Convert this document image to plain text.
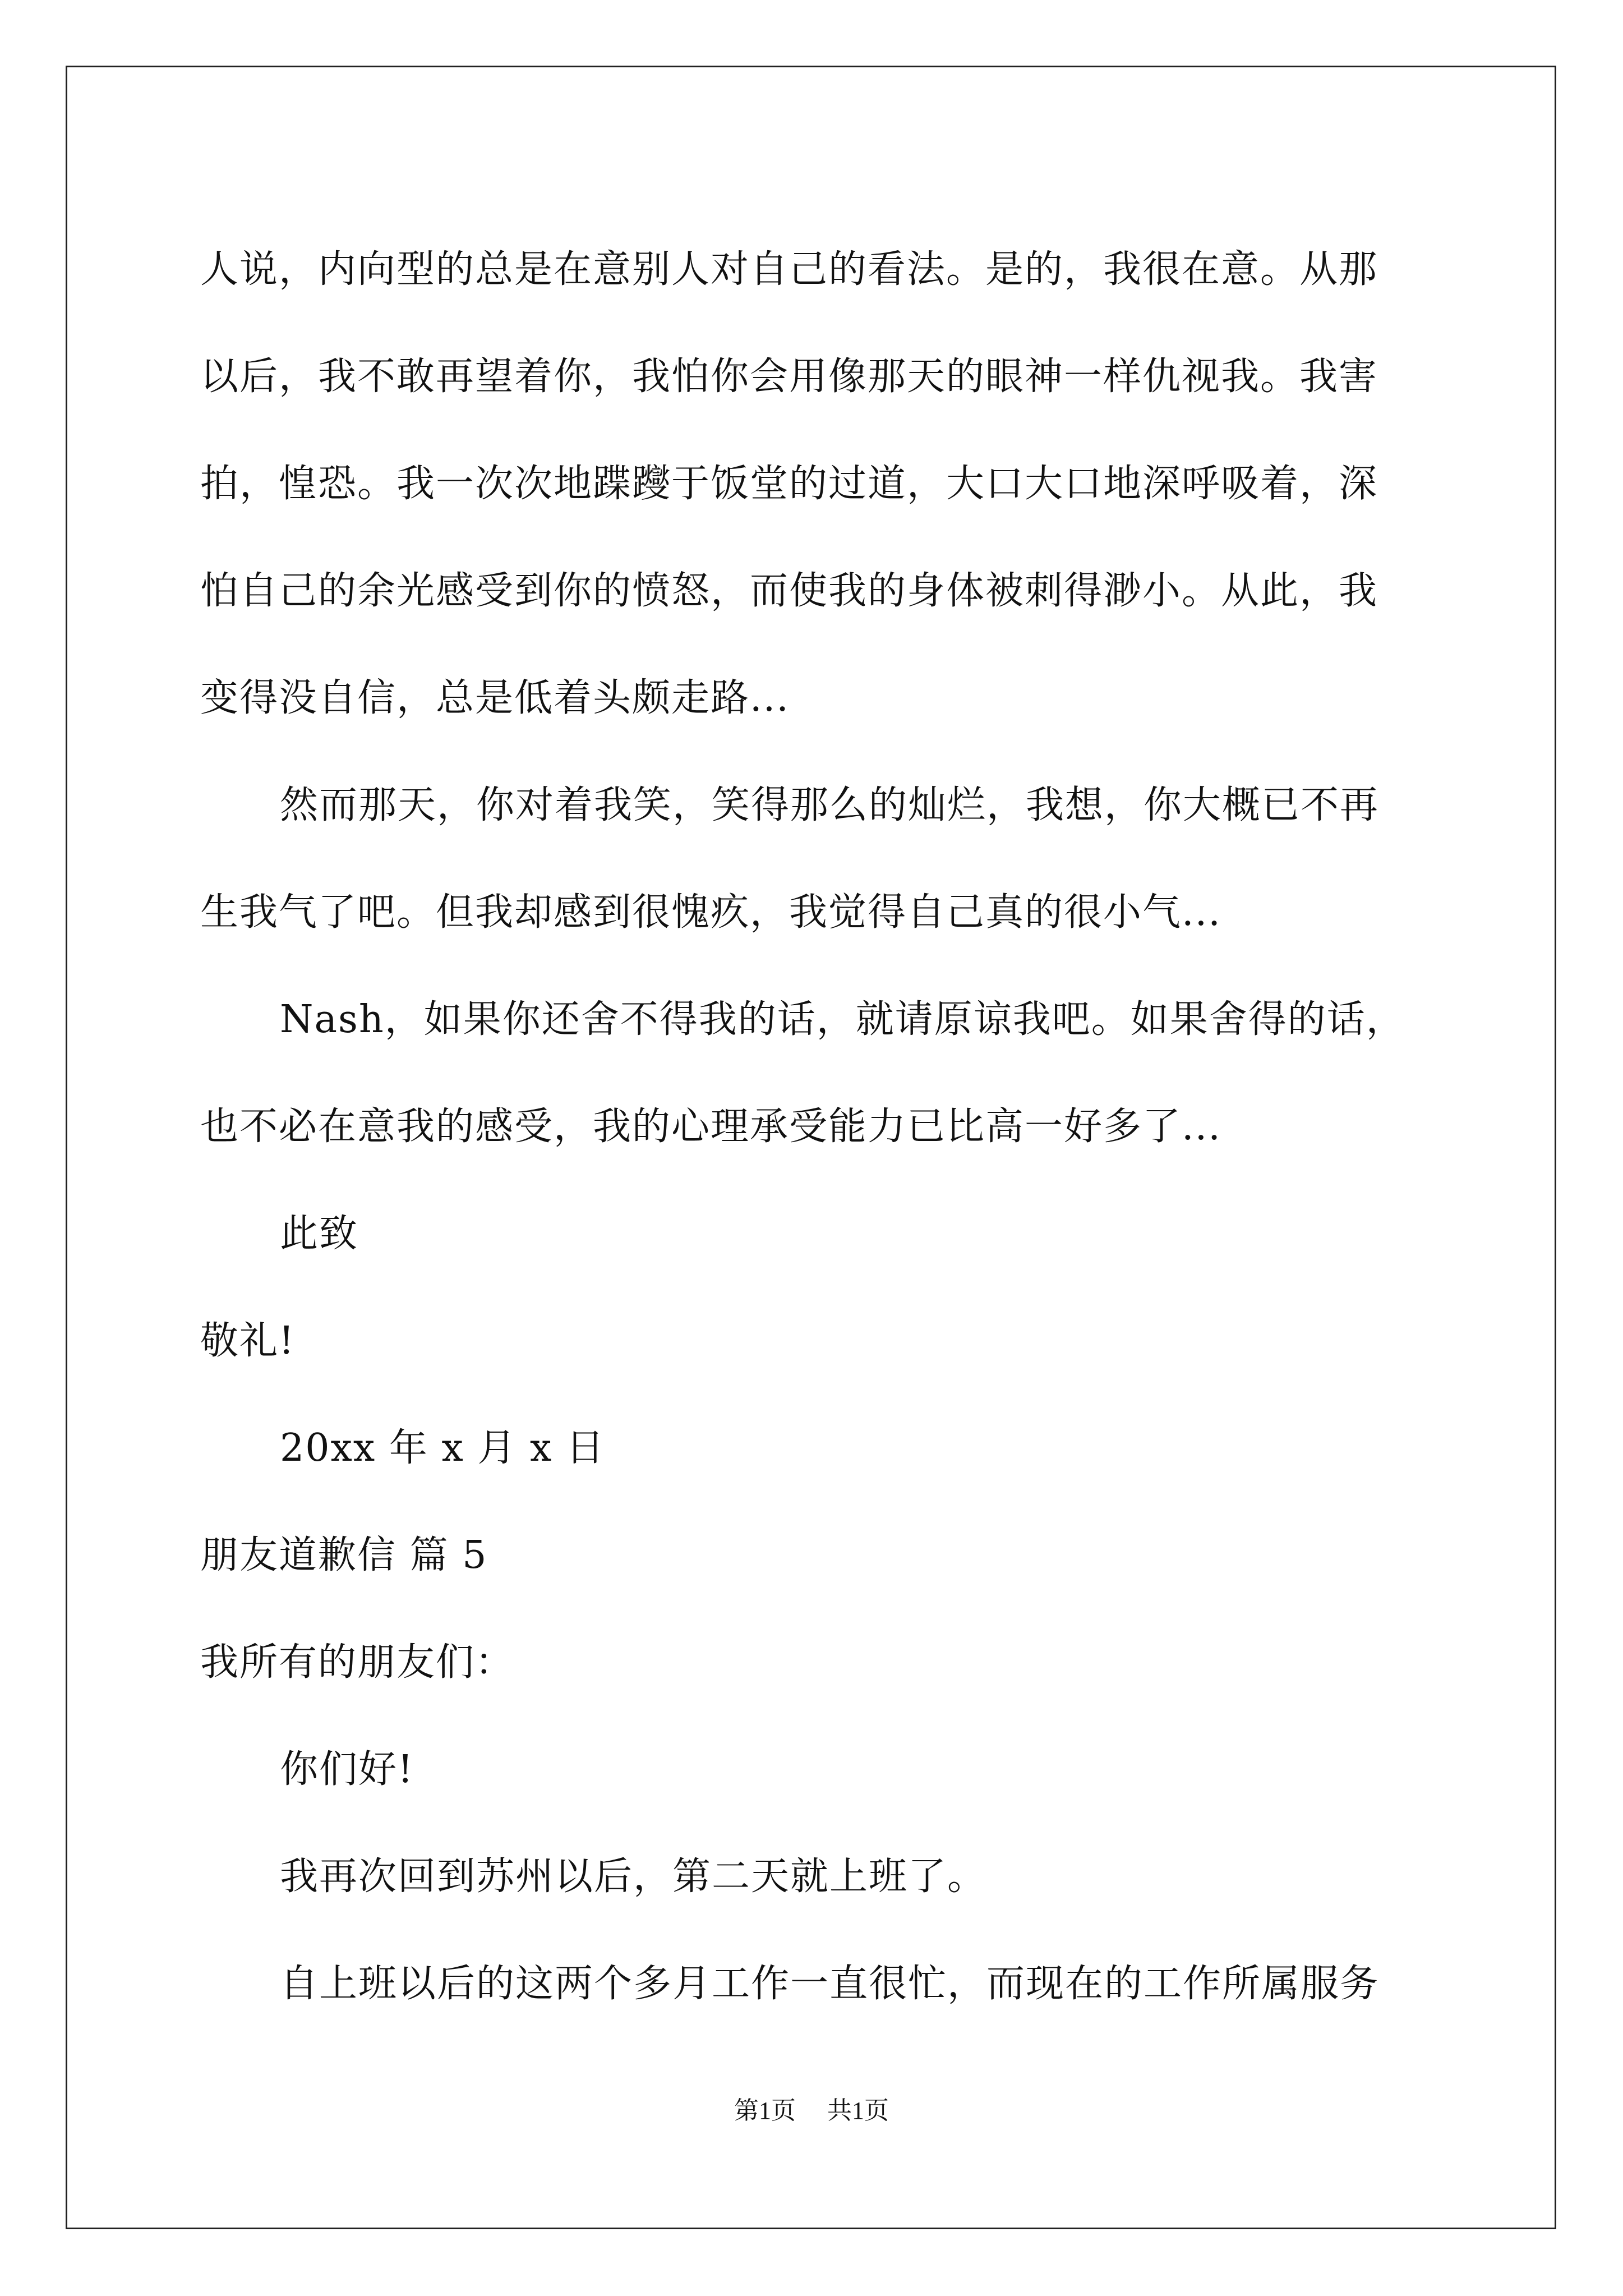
人说，内向型的总是在意别人对自己的看法。是的，我很在意。从那
以后，我不敢再望着你，我怕你会用像那天的眼神一样仇视我。我害
拍，惶恐。我一次次地蹀躞于饭堂的过道，大口大口地深呼吸着，深
怕自己的余光感受到你的愤怒，而使我的身体被刺得渺小。从此，我
变得没自信，总是低着头颇走路...
然而那天，你对着我笑，笑得那么的灿烂，我想，你大概已不再
生我气了吧。但我却感到很愧疚，我觉得自己真的很小气...
Nash，如果你还舍不得我的话，就请原谅我吧。如果舍得的话，
也不必在意我的感受，我的心理承受能力已比高一好多了...
此致
敬礼!
20xx 年 x 月 x 日
朋友道歉信 篇 5
我所有的朋友们：
你们好!
我再次回到苏州以后，第二天就上班了。
自上班以后的这两个多月工作一直很忙，而现在的工作所属服务
第1页 共1页
